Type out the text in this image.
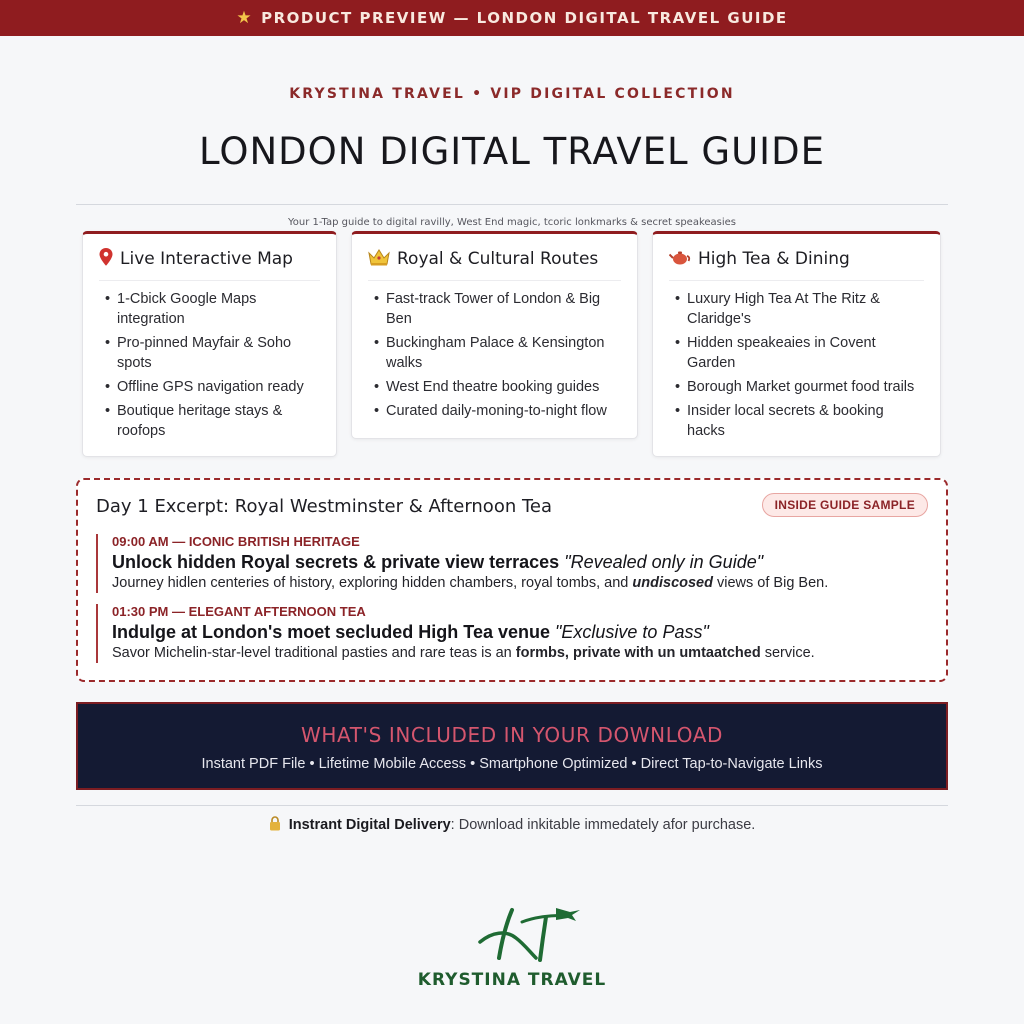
★ PRODUCT PREVIEW — LONDON DIGITAL TRAVEL GUIDE
KRYSTINA TRAVEL • VIP DIGITAL COLLECTION
LONDON DIGITAL TRAVEL GUIDE
Your 1-Tap guide to digital ravilly, West End magic, tcoric lonkmarks & secret speakeasies
Live Interactive Map
• 1-Cbick Google Maps integration
• Pro-pinned Mayfair & Soho spots
• Offline GPS navigation ready
• Boutique heritage stays & roofops
Royal & Cultural Routes
• Fast-track Tower of London & Big Ben
• Buckingham Palace & Kensington walks
• West End theatre booking guides
• Curated daily-moning-to-night flow
High Tea & Dining
• Luxury High Tea At The Ritz & Claridge's
• Hidden speakeaies in Covent Garden
• Borough Market gourmet food trails
• Insider local secrets & booking hacks
Day 1 Excerpt: Royal Westminster & Afternoon Tea	INSIDE GUIDE SAMPLE
09:00 AM — ICONIC BRITISH HERITAGE
Unlock hidden Royal secrets & private view terraces "Revealed only in Guide"
Journey hidlen centeries of history, exploring hidden chambers, royal tombs, and undiscosed views of Big Ben.
01:30 PM — ELEGANT AFTERNOON TEA
Indulge at London's moet secluded High Tea venue "Exclusive to Pass"
Savor Michelin-star-level traditional pasties and rare teas is an formbs, private with un umtaatched service.
WHAT'S INCLUDED IN YOUR DOWNLOAD
Instant PDF File • Lifetime Mobile Access • Smartphone Optimized • Direct Tap-to-Navigate Links
Instrant Digital Delivery: Download inkitable immedately afor purchase.
KRYSTINA TRAVEL
